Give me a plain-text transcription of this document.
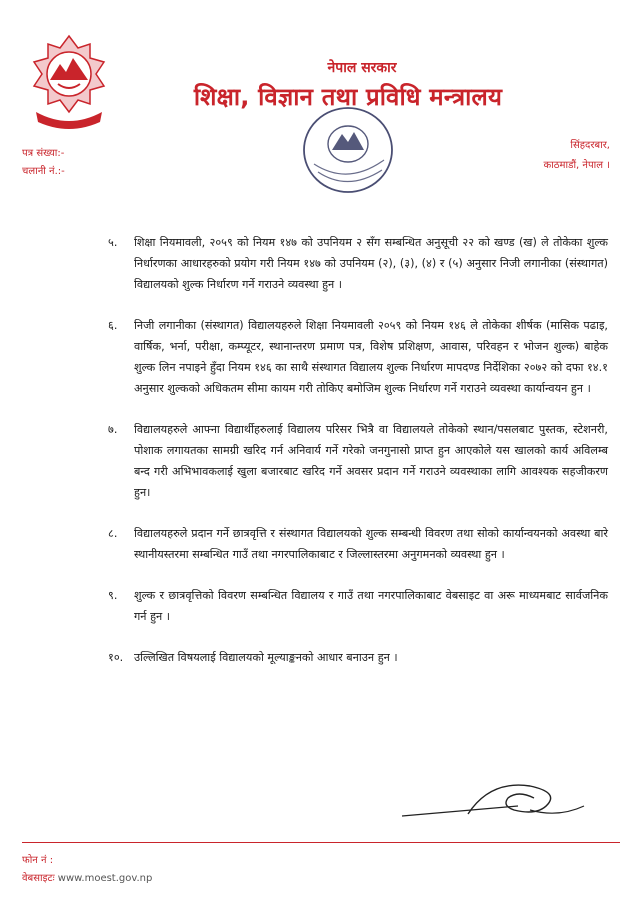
नेपाल सरकार
शिक्षा, विज्ञान तथा प्रविधि मन्त्रालय
पत्र संख्या:-
चलानी नं.:-
सिंहदरबार,
काठमाडौं, नेपाल ।
५. शिक्षा नियमावली, २०५९ को नियम १४७ को उपनियम २ सँग सम्बन्धित अनुसूची २२ को खण्ड (ख) ले तोकेका शुल्क निर्धारणका आधारहरुको प्रयोग गरी नियम १४७ को उपनियम (२), (३), (४) र (५) अनुसार निजी लगानीका (संस्थागत) विद्यालयको शुल्क निर्धारण गर्ने गराउने व्यवस्था हुन ।
६. निजी लगानीका (संस्थागत) विद्यालयहरुले शिक्षा नियमावली २०५९ को नियम १४६ ले तोकेका शीर्षक (मासिक पढाइ, वार्षिक, भर्ना, परीक्षा, कम्प्यूटर, स्थानान्तरण प्रमाण पत्र, विशेष प्रशिक्षण, आवास, परिवहन र भोजन शुल्क) बाहेक शुल्क लिन नपाइने हुँदा नियम १४६ का साथै संस्थागत विद्यालय शुल्क निर्धारण मापदण्ड निर्देशिका २०७२ को दफा १४.१ अनुसार शुल्कको अधिकतम सीमा कायम गरी तोकिए बमोजिम शुल्क निर्धारण गर्ने गराउने व्यवस्था कार्यान्वयन हुन ।
७. विद्यालयहरुले आफ्ना विद्यार्थीहरुलाई विद्यालय परिसर भित्रै वा विद्यालयले तोकेको स्थान/पसलबाट पुस्तक, स्टेशनरी, पोशाक लगायतका सामग्री खरिद गर्न अनिवार्य गर्ने गरेको जनगुनासो प्राप्त हुन आएकोले यस खालको कार्य अविलम्ब बन्द गरी अभिभावकलाई खुला बजारबाट खरिद गर्ने अवसर प्रदान गर्ने गराउने व्यवस्थाका लागि आवश्यक सहजीकरण हुन।
८. विद्यालयहरुले प्रदान गर्ने छात्रवृत्ति र संस्थागत विद्यालयको शुल्क सम्बन्धी विवरण तथा सोको कार्यान्वयनको अवस्था बारे स्थानीयस्तरमा सम्बन्धित गाउँ तथा नगरपालिकाबाट र जिल्लास्तरमा अनुगमनको व्यवस्था हुन ।
९. शुल्क र छात्रवृत्तिको विवरण सम्बन्धित विद्यालय र गाउँ तथा नगरपालिकाबाट वेबसाइट वा अरू माध्यमबाट सार्वजनिक गर्न हुन ।
१०. उल्लिखित विषयलाई विद्यालयको मूल्याङ्कनको आधार बनाउन हुन ।
फोन नं :
वेबसाइटः www.moest.gov.np
